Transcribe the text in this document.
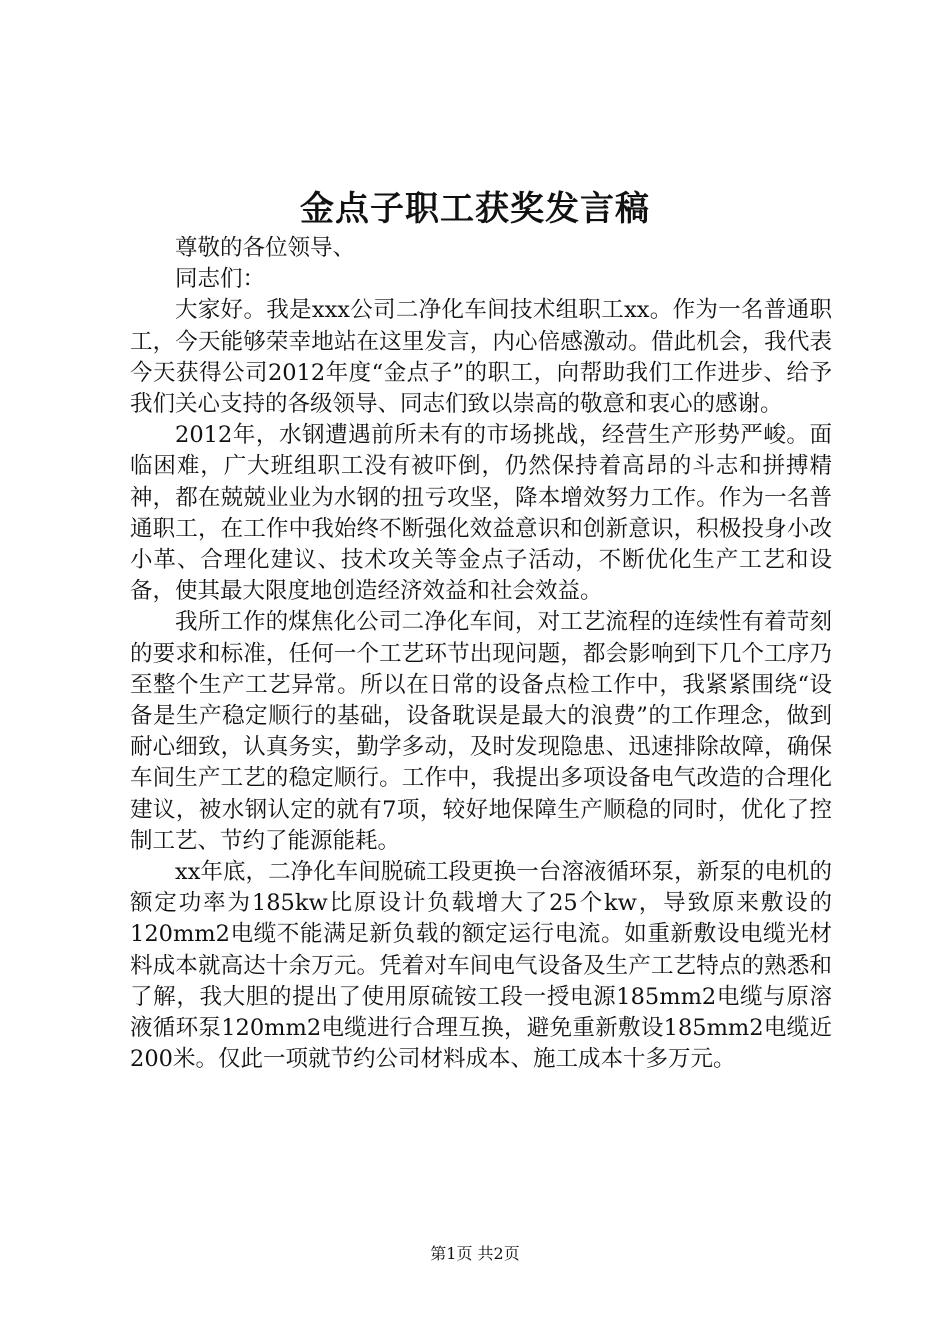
金点子职工获奖发言稿

尊敬的各位领导、

同志们：

大家好。我是xxx公司二净化车间技术组职工xx。作为一名普通职工，今天能够荣幸地站在这里发言，内心倍感激动。借此机会，我代表今天获得公司2012年度“金点子”的职工，向帮助我们工作进步、给予我们关心支持的各级领导、同志们致以崇高的敬意和衷心的感谢。

2012年，水钢遭遇前所未有的市场挑战，经营生产形势严峻。面临困难，广大班组职工没有被吓倒，仍然保持着高昂的斗志和拼搏精神，都在兢兢业业为水钢的扭亏攻坚，降本增效努力工作。作为一名普通职工，在工作中我始终不断强化效益意识和创新意识，积极投身小改小革、合理化建议、技术攻关等金点子活动，不断优化生产工艺和设备，使其最大限度地创造经济效益和社会效益。

我所工作的煤焦化公司二净化车间，对工艺流程的连续性有着苛刻的要求和标准，任何一个工艺环节出现问题，都会影响到下几个工序乃至整个生产工艺异常。所以在日常的设备点检工作中，我紧紧围绕“设备是生产稳定顺行的基础，设备耽误是最大的浪费”的工作理念，做到耐心细致，认真务实，勤学多动，及时发现隐患、迅速排除故障，确保车间生产工艺的稳定顺行。工作中，我提出多项设备电气改造的合理化建议，被水钢认定的就有7项，较好地保障生产顺稳的同时，优化了控制工艺、节约了能源能耗。

xx年底，二净化车间脱硫工段更换一台溶液循环泵，新泵的电机的额定功率为185kw比原设计负载增大了25个kw，导致原来敷设的120mm2电缆不能满足新负载的额定运行电流。如重新敷设电缆光材料成本就高达十余万元。凭着对车间电气设备及生产工艺特点的熟悉和了解，我大胆的提出了使用原硫铵工段一授电源185mm2电缆与原溶液循环泵120mm2电缆进行合理互换，避免重新敷设185mm2电缆近200米。仅此一项就节约公司材料成本、施工成本十多万元。

第1页 共2页
